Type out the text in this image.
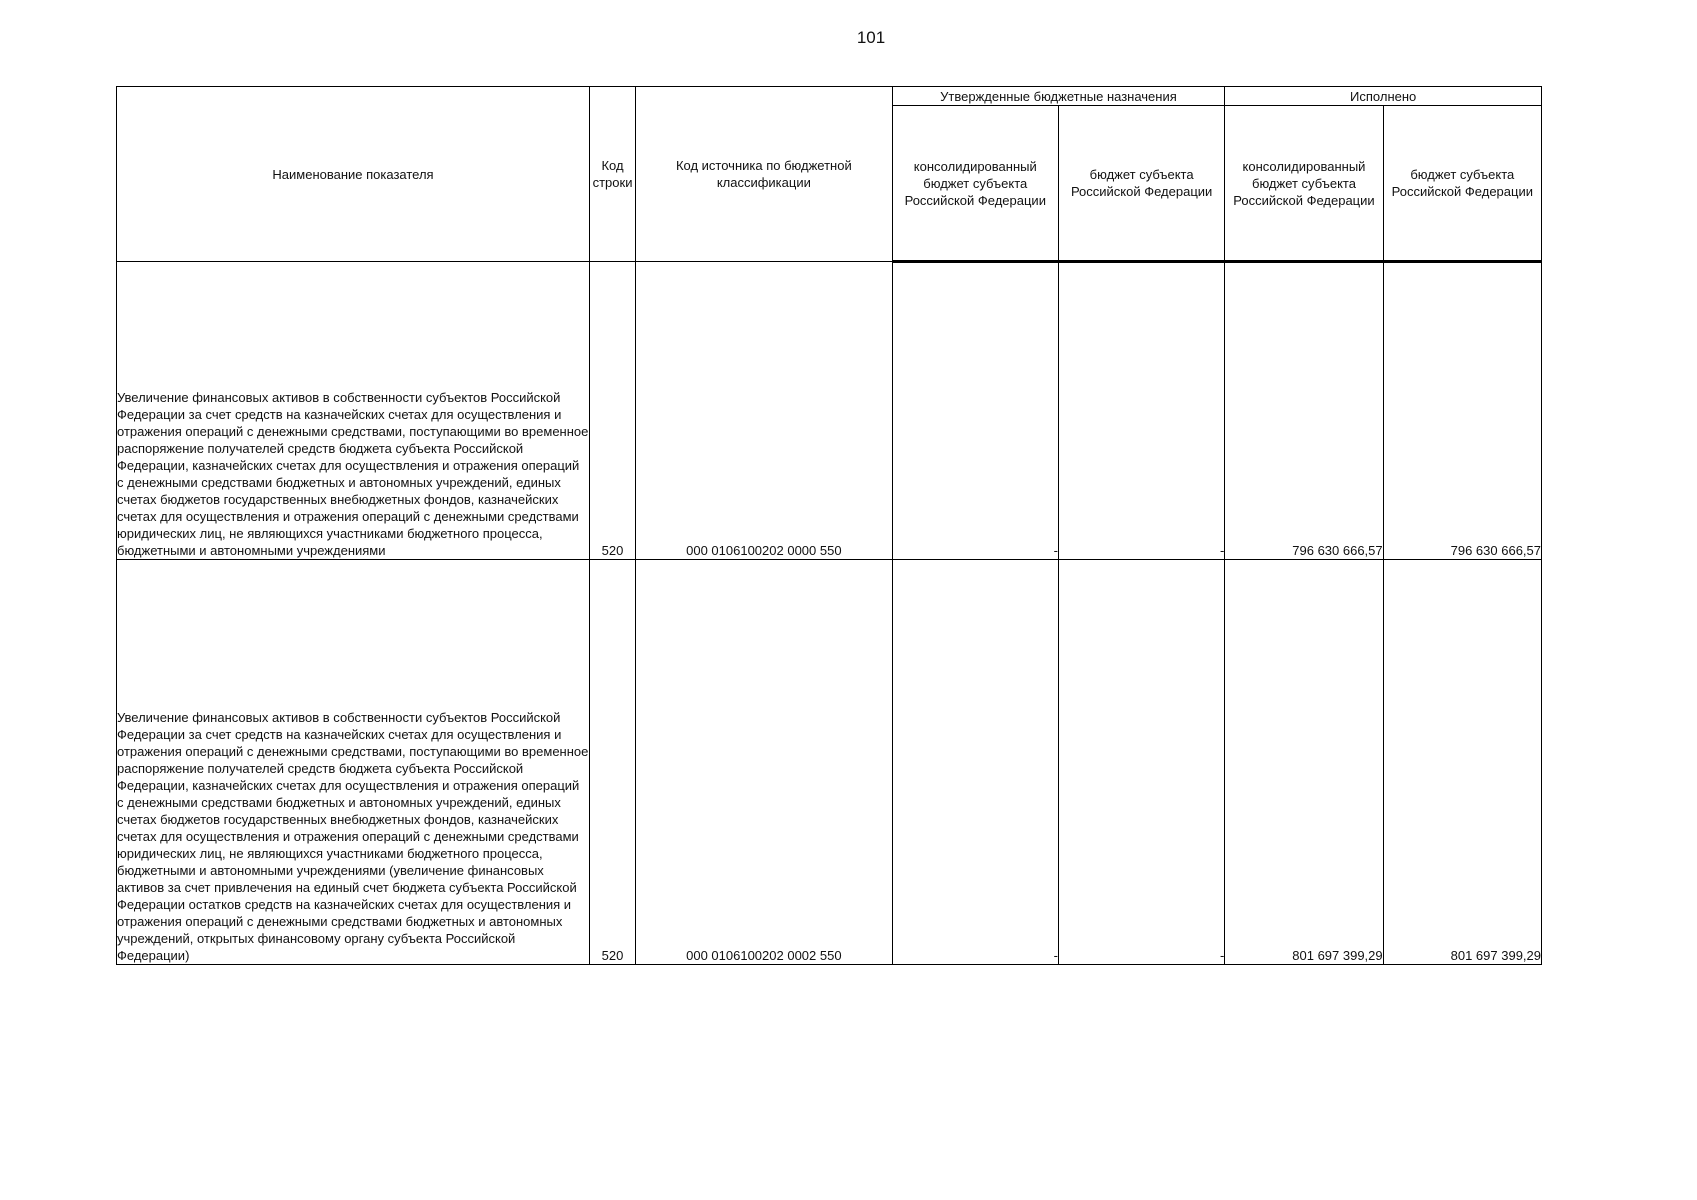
101
Наименование показателя	Код строки	Код источника по бюджетной классификации	Утвержденные бюджетные назначения		Исполнено	
			консолидированный бюджет субъекта Российской Федерации	бюджет субъекта Российской Федерации	консолидированный бюджет субъекта Российской Федерации	бюджет субъекта Российской Федерации
Увеличение финансовых активов в собственности субъектов Российской Федерации за счет средств на казначейских счетах для осуществления и отражения операций с денежными средствами, поступающими во временное распоряжение получателей средств бюджета субъекта Российской Федерации, казначейских счетах для осуществления и отражения операций с денежными средствами бюджетных и автономных учреждений, единых счетах бюджетов государственных внебюджетных фондов, казначейских счетах для осуществления и отражения операций с денежными средствами юридических лиц, не являющихся участниками бюджетного процесса, бюджетными и автономными учреждениями	520	000 0106100202 0000 550	-	-	796 630 666,57	796 630 666,57
Увеличение финансовых активов в собственности субъектов Российской Федерации за счет средств на казначейских счетах для осуществления и отражения операций с денежными средствами, поступающими во временное распоряжение получателей средств бюджета субъекта Российской Федерации, казначейских счетах для осуществления и отражения операций с денежными средствами бюджетных и автономных учреждений, единых счетах бюджетов государственных внебюджетных фондов, казначейских счетах для осуществления и отражения операций с денежными средствами юридических лиц, не являющихся участниками бюджетного процесса, бюджетными и автономными учреждениями (увеличение финансовых активов за счет привлечения на единый счет бюджета субъекта Российской Федерации остатков средств на казначейских счетах для осуществления и отражения операций с денежными средствами бюджетных и автономных учреждений, открытых финансовому органу субъекта Российской Федерации)	520	000 0106100202 0002 550	-	-	801 697 399,29	801 697 399,29
